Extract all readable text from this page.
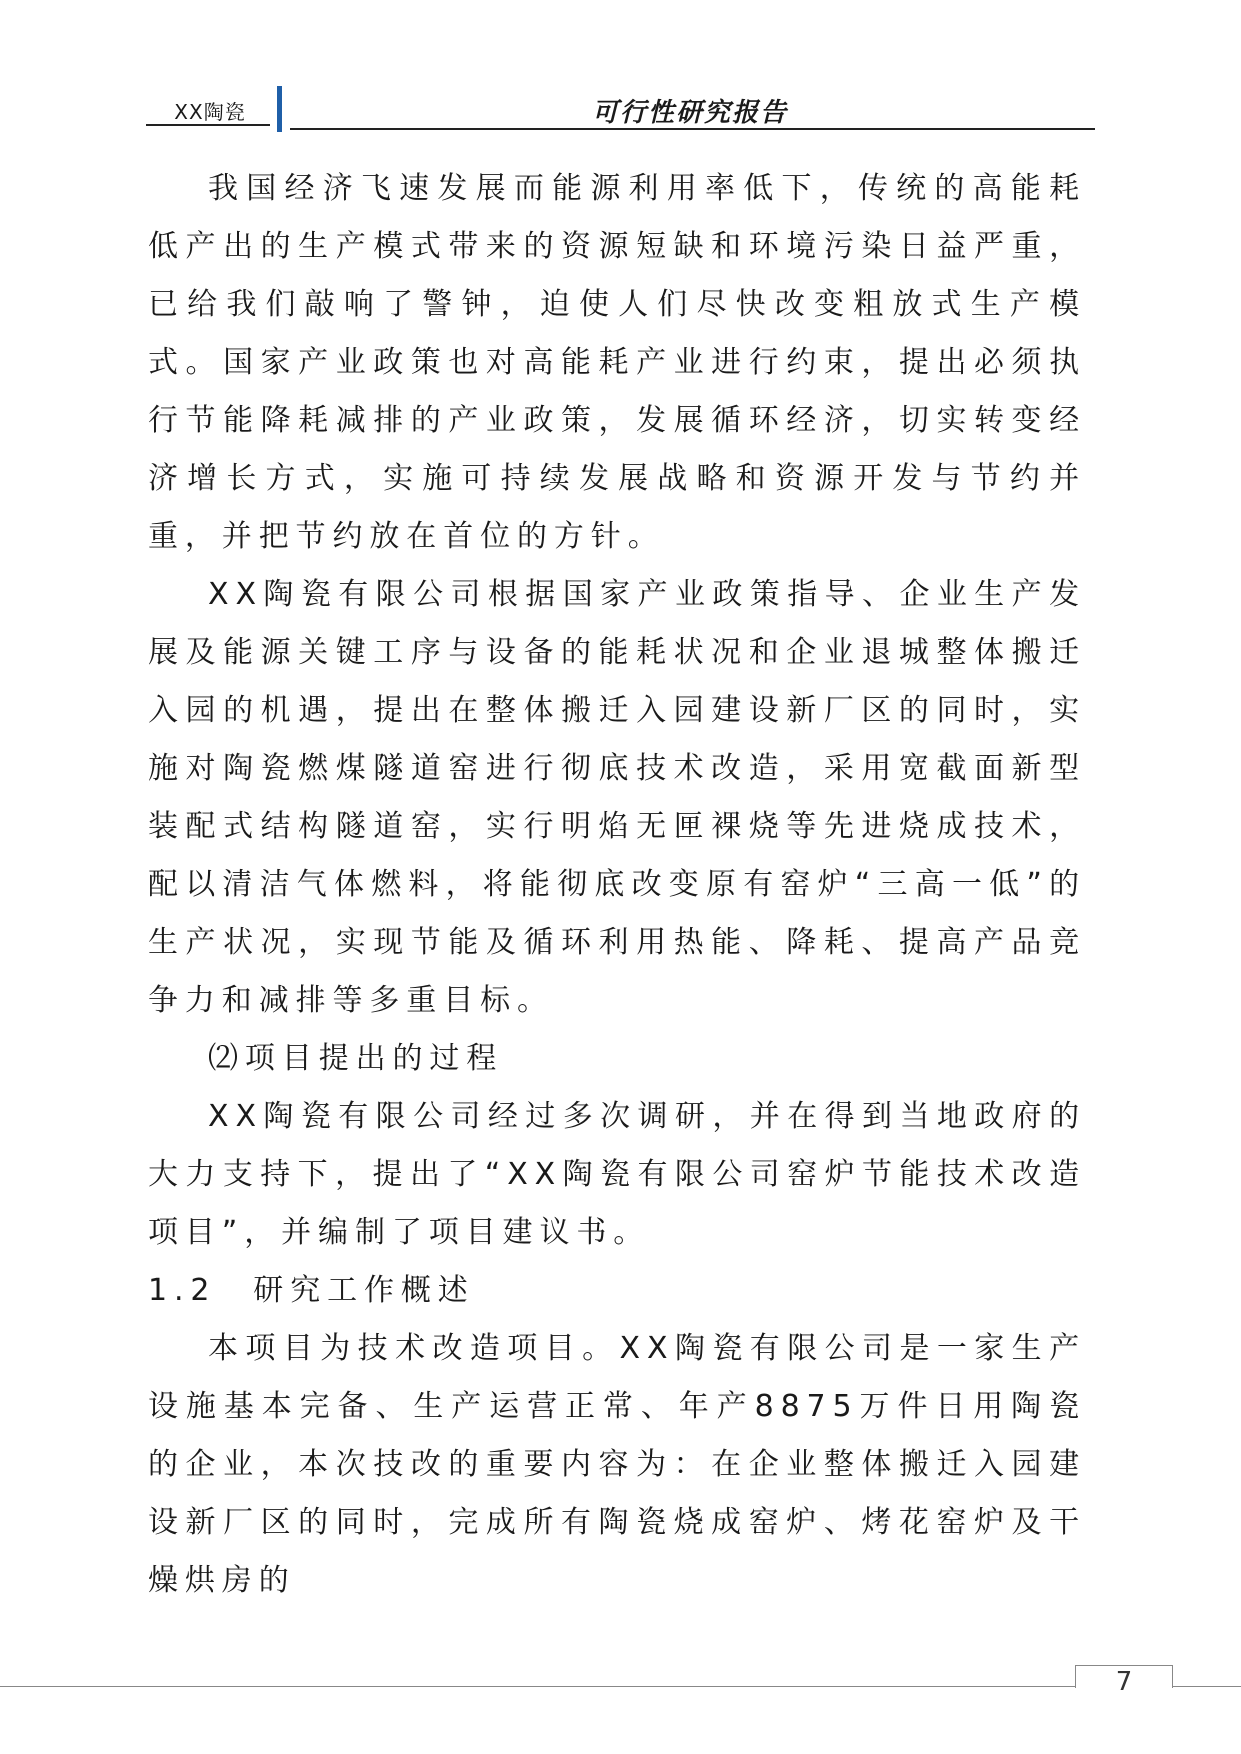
XX陶瓷	可行性研究报告

我国经济飞速发展而能源利用率低下，传统的高能耗低产出的生产模式带来的资源短缺和环境污染日益严重，已给我们敲响了警钟，迫使人们尽快改变粗放式生产模式。国家产业政策也对高能耗产业进行约束，提出必须执行节能降耗减排的产业政策，发展循环经济，切实转变经济增长方式，实施可持续发展战略和资源开发与节约并重，并把节约放在首位的方针。

XX陶瓷有限公司根据国家产业政策指导、企业生产发展及能源关键工序与设备的能耗状况和企业退城整体搬迁入园的机遇，提出在整体搬迁入园建设新厂区的同时，实施对陶瓷燃煤隧道窑进行彻底技术改造，采用宽截面新型装配式结构隧道窑，实行明焰无匣裸烧等先进烧成技术，配以清洁气体燃料，将能彻底改变原有窑炉“三高一低”的生产状况，实现节能及循环利用热能、降耗、提高产品竞争力和减排等多重目标。

⑵项目提出的过程

XX陶瓷有限公司经过多次调研，并在得到当地政府的大力支持下，提出了“XX陶瓷有限公司窑炉节能技术改造项目”，并编制了项目建议书。

1.2　研究工作概述

本项目为技术改造项目。XX陶瓷有限公司是一家生产设施基本完备、生产运营正常、年产8875万件日用陶瓷的企业，本次技改的重要内容为：在企业整体搬迁入园建设新厂区的同时，完成所有陶瓷烧成窑炉、烤花窑炉及干燥烘房的

7
